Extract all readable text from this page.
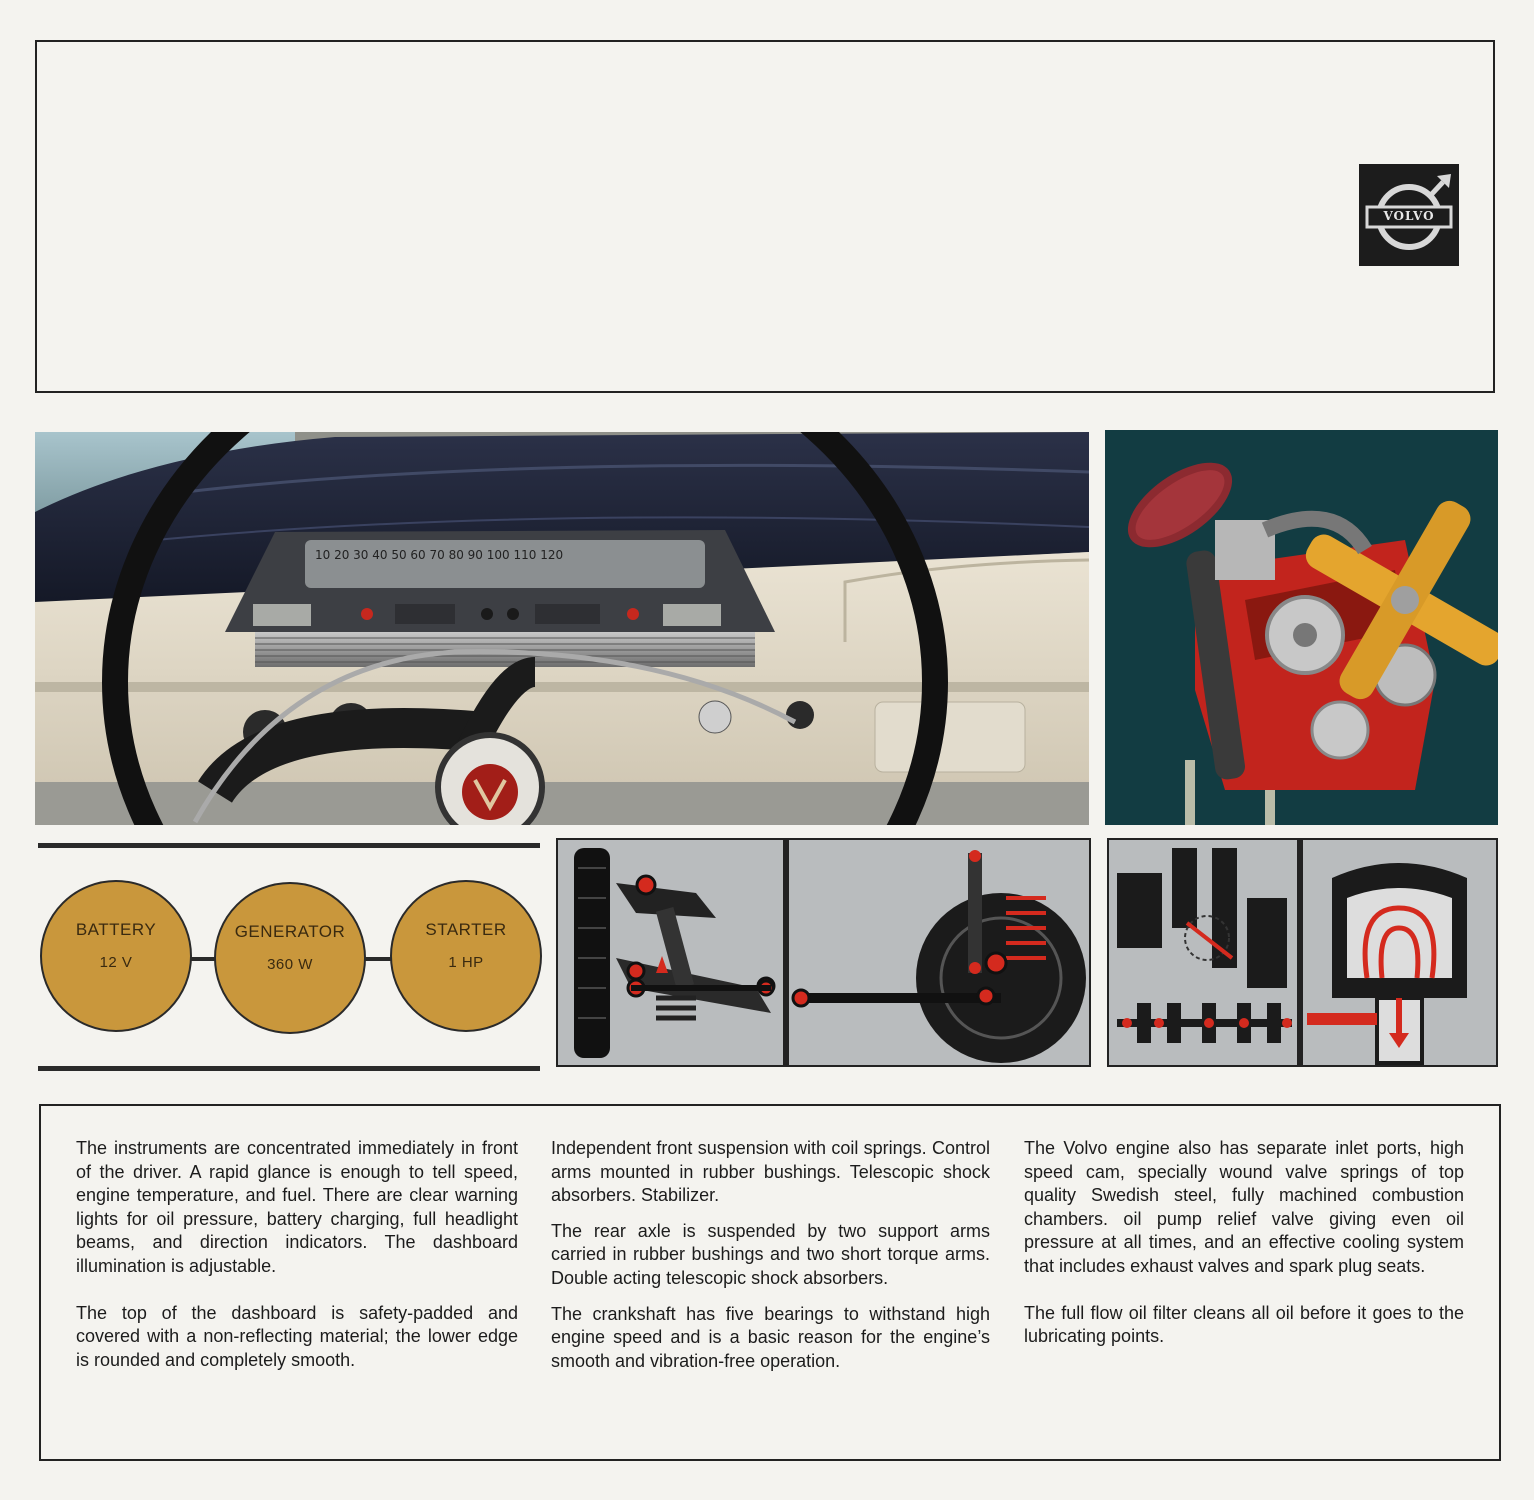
VOLVO
10 20 30 40 50 60 70 80 90 100 110 120
BATTERY
12 V
GENERATOR
360 W
STARTER
1 HP

The instruments are concentrated immediately in front of the driver. A rapid glance is enough to tell speed, engine temperature, and fuel. There are clear warning lights for oil pressure, battery charging, full headlight beams, and direction indicators. The dashboard illumination is adjustable.

The top of the dashboard is safety-padded and covered with a non-reflecting material; the lower edge is rounded and completely smooth.

Independent front suspension with coil springs. Control arms mounted in rubber bushings. Telescopic shock absorbers. Stabilizer.

The rear axle is suspended by two support arms carried in rubber bushings and two short torque arms. Double acting telescopic shock absorbers.

The crankshaft has five bearings to withstand high engine speed and is a basic reason for the engine’s smooth and vibration-free operation.

The Volvo engine also has separate inlet ports, high speed cam, specially wound valve springs of top quality Swedish steel, fully machined combustion chambers. oil pump relief valve giving even oil pressure at all times, and an effective cooling system that includes exhaust valves and spark plug seats.

The full flow oil filter cleans all oil before it goes to the lubricating points.
